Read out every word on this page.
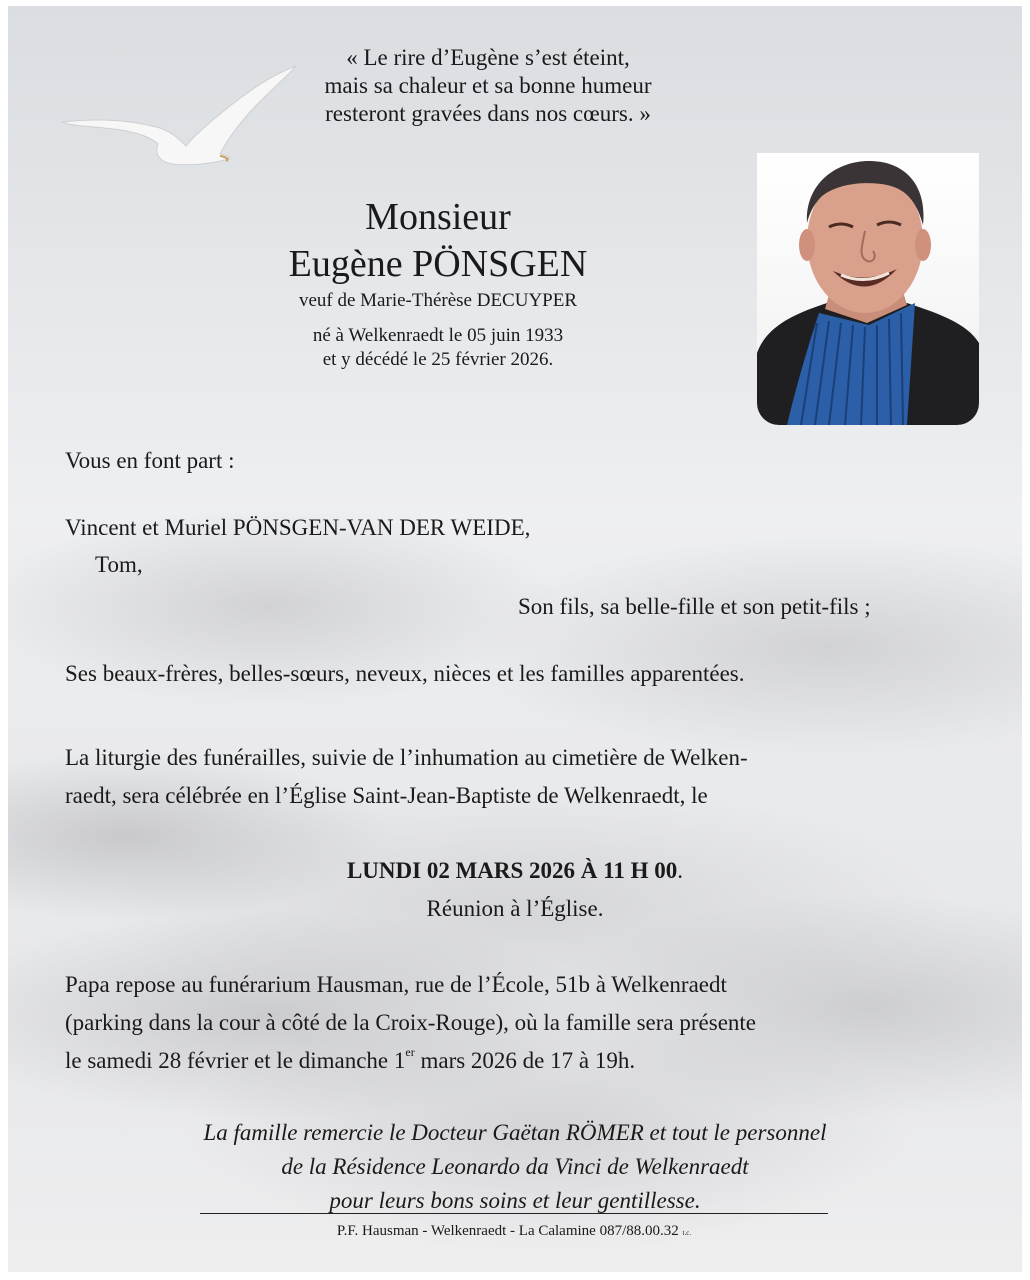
« Le rire d’Eugène s’est éteint,
mais sa chaleur et sa bonne humeur
resteront gravées dans nos cœurs. »
Monsieur
Eugène PÖNSGEN
veuf de Marie-Thérèse DECUYPER
né à Welkenraedt le 05 juin 1933
et y décédé le 25 février 2026.
Vous en font part :
Vincent et Muriel PÖNSGEN-VAN DER WEIDE,
Tom,
Son fils, sa belle-fille et son petit-fils ;
Ses beaux-frères, belles-sœurs, neveux, nièces et les familles apparentées.
La liturgie des funérailles, suivie de l’inhumation au cimetière de Welken-
raedt, sera célébrée en l’Église Saint-Jean-Baptiste de Welkenraedt, le
LUNDI 02 MARS 2026 À 11 H 00.
Réunion à l’Église.
Papa repose au funérarium Hausman, rue de l’École, 51b à Welkenraedt
(parking dans la cour à côté de la Croix-Rouge), où la famille sera présente
le samedi 28 février et le dimanche 1er mars 2026 de 17 à 19h.
La famille remercie le Docteur Gaëtan RÖMER et tout le personnel
de la Résidence Leonardo da Vinci de Welkenraedt
pour leurs bons soins et leur gentillesse.
P.F. Hausman - Welkenraedt - La Calamine 087/88.00.32 t.c.
